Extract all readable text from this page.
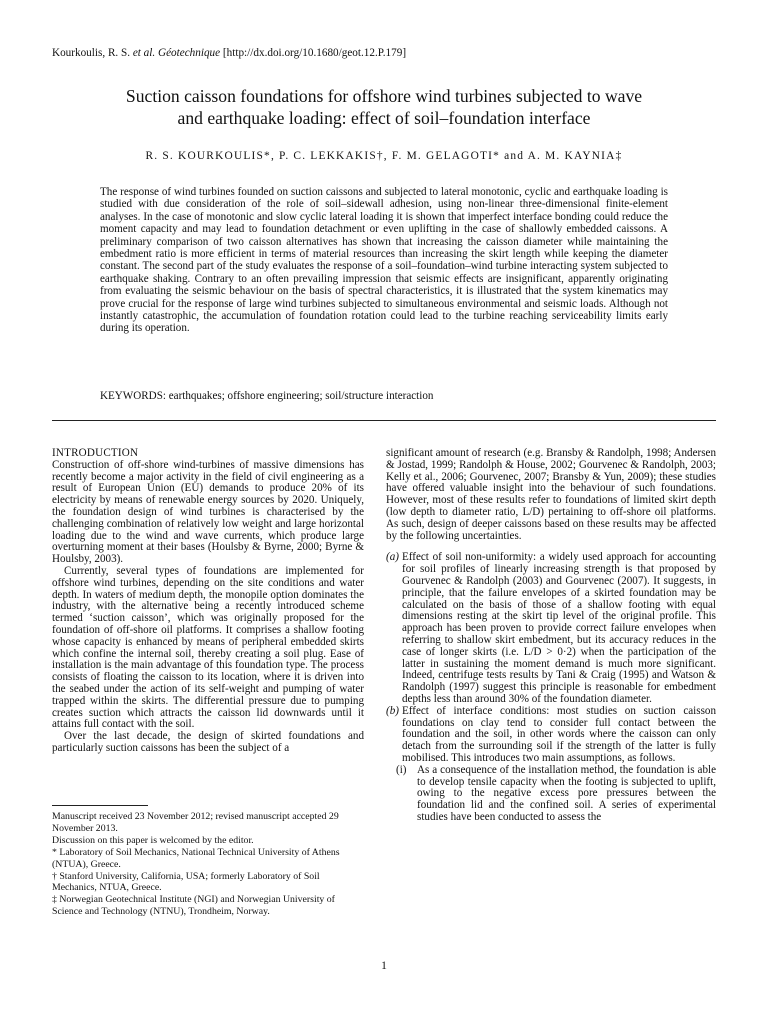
Kourkoulis, R. S. et al. Géotechnique [http://dx.doi.org/10.1680/geot.12.P.179]
Suction caisson foundations for offshore wind turbines subjected to wave
and earthquake loading: effect of soil–foundation interface
R. S. KOURKOULIS*, P. C. LEKKAKIS†, F. M. GELAGOTI* and A. M. KAYNIA‡
The response of wind turbines founded on suction caissons and subjected to lateral monotonic, cyclic and earthquake loading is studied with due consideration of the role of soil–sidewall adhesion, using non-linear three-dimensional finite-element analyses. In the case of monotonic and slow cyclic lateral loading it is shown that imperfect interface bonding could reduce the moment capacity and may lead to foundation detachment or even uplifting in the case of shallowly embedded caissons. A preliminary comparison of two caisson alternatives has shown that increasing the caisson diameter while maintaining the embedment ratio is more efficient in terms of material resources than increasing the skirt length while keeping the diameter constant. The second part of the study evaluates the response of a soil–foundation–wind turbine interacting system subjected to earthquake shaking. Contrary to an often prevailing impression that seismic effects are insignificant, apparently originating from evaluating the seismic behaviour on the basis of spectral characteristics, it is illustrated that the system kinematics may prove crucial for the response of large wind turbines subjected to simultaneous environmental and seismic loads. Although not instantly catastrophic, the accumulation of foundation rotation could lead to the turbine reaching serviceability limits early during its operation.
KEYWORDS: earthquakes; offshore engineering; soil/structure interaction
INTRODUCTION

Construction of off-shore wind-turbines of massive dimensions has recently become a major activity in the field of civil engineering as a result of European Union (EU) demands to produce 20% of its electricity by means of renewable energy sources by 2020. Uniquely, the foundation design of wind turbines is characterised by the challenging combination of relatively low weight and large horizontal loading due to the wind and wave currents, which produce large overturning moment at their bases (Houlsby & Byrne, 2000; Byrne & Houlsby, 2003).

Currently, several types of foundations are implemented for offshore wind turbines, depending on the site conditions and water depth. In waters of medium depth, the monopile option dominates the industry, with the alternative being a recently introduced scheme termed ‘suction caisson’, which was originally proposed for the foundation of off-shore oil platforms. It comprises a shallow footing whose capacity is enhanced by means of peripheral embedded skirts which confine the internal soil, thereby creating a soil plug. Ease of installation is the main advantage of this foundation type. The process consists of floating the caisson to its location, where it is driven into the seabed under the action of its self-weight and pumping of water trapped within the skirts. The differential pressure due to pumping creates suction which attracts the caisson lid downwards until it attains full contact with the soil.

Over the last decade, the design of skirted foundations and particularly suction caissons has been the subject of a

significant amount of research (e.g. Bransby & Randolph, 1998; Andersen & Jostad, 1999; Randolph & House, 2002; Gourvenec & Randolph, 2003; Kelly et al., 2006; Gourvenec, 2007; Bransby & Yun, 2009); these studies have offered valuable insight into the behaviour of such foundations. However, most of these results refer to foundations of limited skirt depth (low depth to diameter ratio, L/D) pertaining to off-shore oil platforms. As such, design of deeper caissons based on these results may be affected by the following uncertainties.

(a) Effect of soil non-uniformity: a widely used approach for accounting for soil profiles of linearly increasing strength is that proposed by Gourvenec & Randolph (2003) and Gourvenec (2007). It suggests, in principle, that the failure envelopes of a skirted foundation may be calculated on the basis of those of a shallow footing with equal dimensions resting at the skirt tip level of the original profile. This approach has been proven to provide correct failure envelopes when referring to shallow skirt embedment, but its accuracy reduces in the case of longer skirts (i.e. L/D > 0·2) when the participation of the latter in sustaining the moment demand is much more significant. Indeed, centrifuge tests results by Tani & Craig (1995) and Watson & Randolph (1997) suggest this principle is reasonable for embedment depths less than around 30% of the foundation diameter.
(b) Effect of interface conditions: most studies on suction caisson foundations on clay tend to consider full contact between the foundation and the soil, in other words where the caisson can only detach from the surrounding soil if the strength of the latter is fully mobilised. This introduces two main assumptions, as follows.
(i) As a consequence of the installation method, the foundation is able to develop tensile capacity when the footing is subjected to uplift, owing to the negative excess pore pressures between the foundation lid and the confined soil. A series of experimental studies have been conducted to assess the
Manuscript received 23 November 2012; revised manuscript accepted 29 November 2013.
Discussion on this paper is welcomed by the editor.
* Laboratory of Soil Mechanics, National Technical University of Athens (NTUA), Greece.
† Stanford University, California, USA; formerly Laboratory of Soil Mechanics, NTUA, Greece.
‡ Norwegian Geotechnical Institute (NGI) and Norwegian University of Science and Technology (NTNU), Trondheim, Norway.
1
